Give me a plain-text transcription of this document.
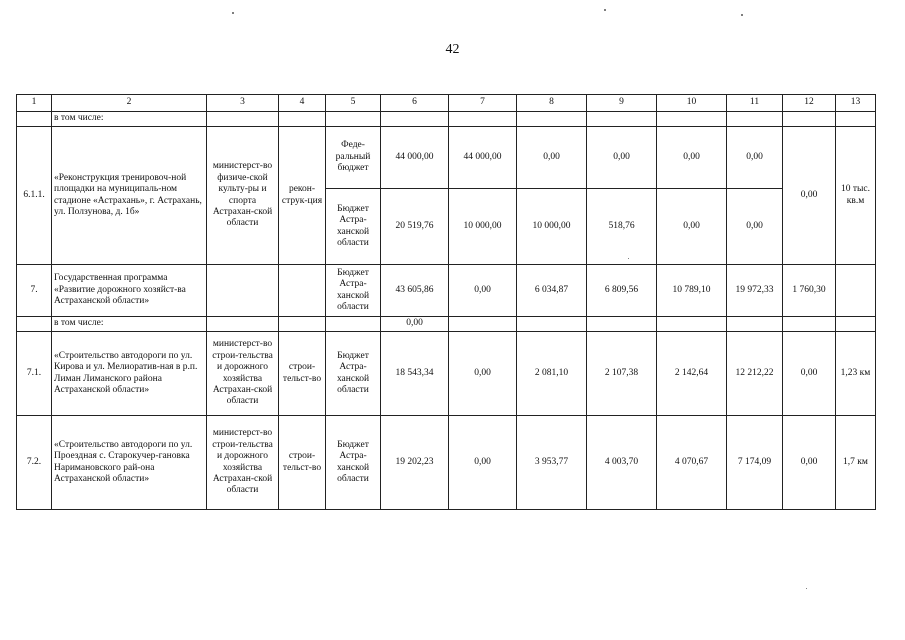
42
1	2	3	4	5	6	7	8	9	10	11	12	13
	в том числе:											
6.1.1.	«Реконструкция тренировоч-ной площадки на муниципаль-ном стадионе «Астрахань», г. Астрахань, ул. Ползунова, д. 1б»	министерст-во физиче-ской культу-ры и спорта Астрахан-ской области	рекон-струк-ция	Феде-ральный бюджет	44 000,00	44 000,00	0,00	0,00	0,00	0,00	0,00	10 тыс. кв.м
				Бюджет Астра-ханской области	20 519,76	10 000,00	10 000,00	518,76	0,00	0,00		
7.	Государственная программа «Развитие дорожного хозяйст-ва Астраханской области»			Бюджет Астра-ханской области	43 605,86	0,00	6 034,87	6 809,56	10 789,10	19 972,33	1 760,30	
	в том числе:				0,00							
7.1.	«Строительство автодороги по ул. Кирова и ул. Мелиоратив-ная в р.п. Лиман Лиманского района Астраханской области»	министерст-во строи-тельства и дорожного хозяйства Астрахан-ской области	строи-тельст-во	Бюджет Астра-ханской области	18 543,34	0,00	2 081,10	2 107,38	2 142,64	12 212,22	0,00	1,23 км
7.2.	«Строительство автодороги по ул. Проездная с. Старокучер-гановка Наримановского рай-она Астраханской области»	министерст-во строи-тельства и дорожного хозяйства Астрахан-ской области	строи-тельст-во	Бюджет Астра-ханской области	19 202,23	0,00	3 953,77	4 003,70	4 070,67	7 174,09	0,00	1,7 км
